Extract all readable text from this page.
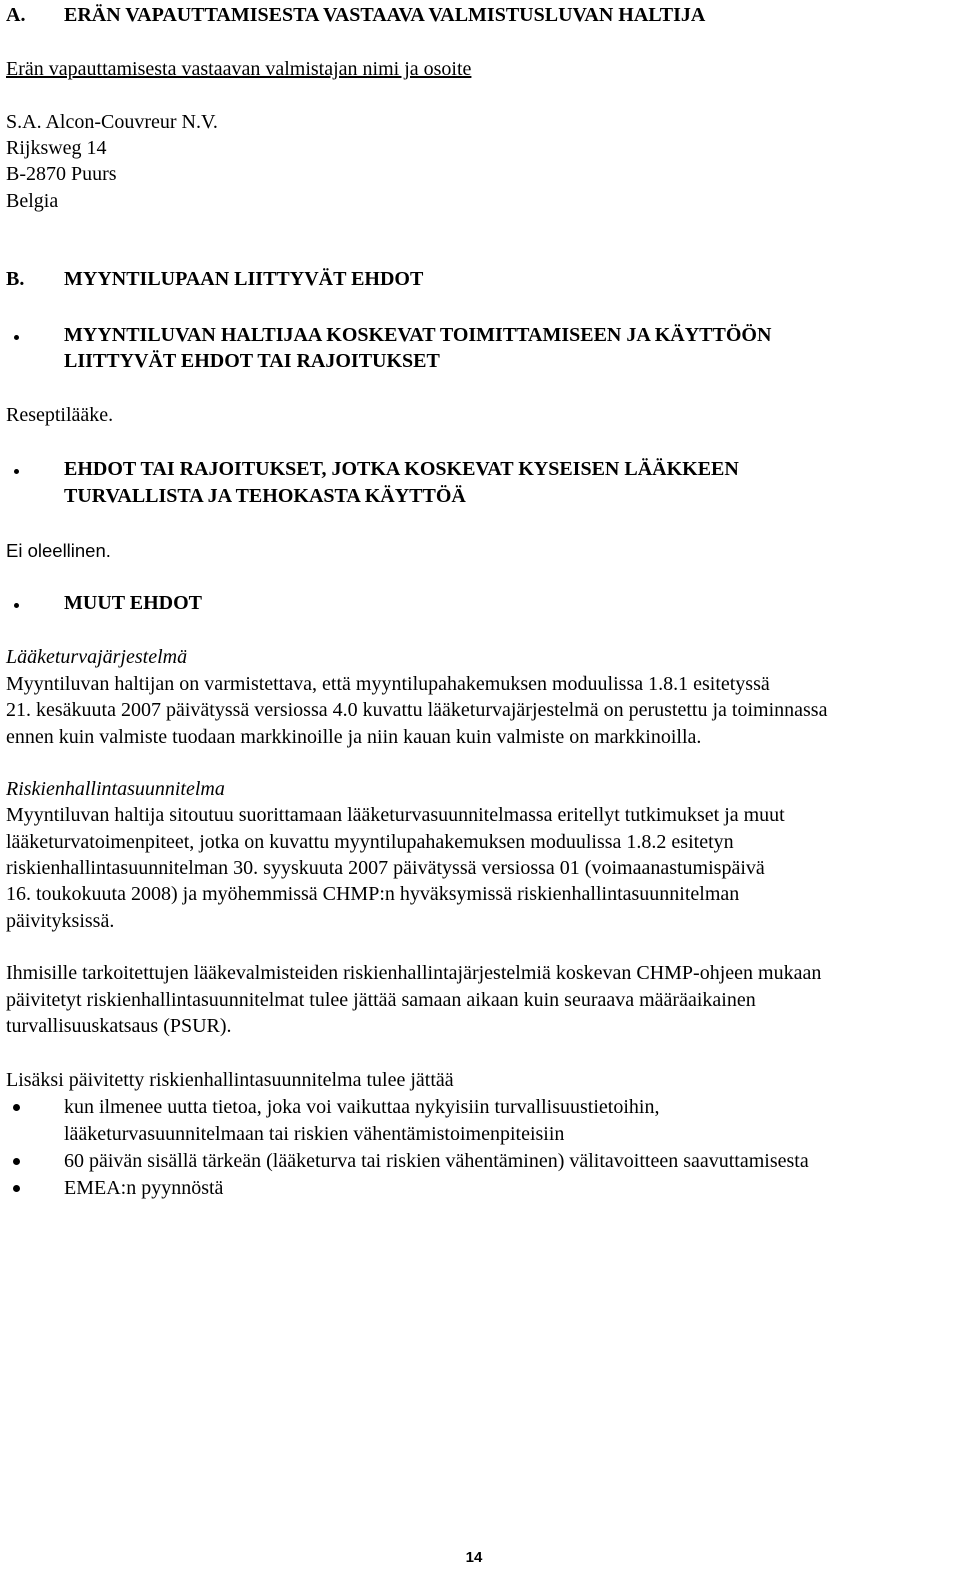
A. ERÄN VAPAUTTAMISESTA VASTAAVA VALMISTUSLUVAN HALTIJA
Erän vapauttamisesta vastaavan valmistajan nimi ja osoite
S.A. Alcon-Couvreur N.V.
Rijksweg 14
B-2870 Puurs
Belgia
B. MYYNTILUPAAN LIITTYVÄT EHDOT
MYYNTILUVAN HALTIJAA KOSKEVAT TOIMITTAMISEEN JA KÄYTTÖÖN
LIITTYVÄT EHDOT TAI RAJOITUKSET
Reseptilääke.
EHDOT TAI RAJOITUKSET, JOTKA KOSKEVAT KYSEISEN LÄÄKKEEN
TURVALLISTA JA TEHOKASTA KÄYTTÖÄ
Ei oleellinen.
MUUT EHDOT
Lääketurvajärjestelmä
Myyntiluvan haltijan on varmistettava, että myyntilupahakemuksen moduulissa 1.8.1 esitetyssä
21. kesäkuuta 2007 päivätyssä versiossa 4.0 kuvattu lääketurvajärjestelmä on perustettu ja toiminnassa
ennen kuin valmiste tuodaan markkinoille ja niin kauan kuin valmiste on markkinoilla.
Riskienhallintasuunnitelma
Myyntiluvan haltija sitoutuu suorittamaan lääketurvasuunnitelmassa eritellyt tutkimukset ja muut
lääketurvatoimenpiteet, jotka on kuvattu myyntilupahakemuksen moduulissa 1.8.2 esitetyn
riskienhallintasuunnitelman 30. syyskuuta 2007 päivätyssä versiossa 01 (voimaanastumispäivä
16. toukokuuta 2008) ja myöhemmissä CHMP:n hyväksymissä riskienhallintasuunnitelman
päivityksissä.
Ihmisille tarkoitettujen lääkevalmisteiden riskienhallintajärjestelmiä koskevan CHMP-ohjeen mukaan
päivitetyt riskienhallintasuunnitelmat tulee jättää samaan aikaan kuin seuraava määräaikainen
turvallisuuskatsaus (PSUR).
Lisäksi päivitetty riskienhallintasuunnitelma tulee jättää
kun ilmenee uutta tietoa, joka voi vaikuttaa nykyisiin turvallisuustietoihin,
lääketurvasuunnitelmaan tai riskien vähentämistoimenpiteisiin
60 päivän sisällä tärkeän (lääketurva tai riskien vähentäminen) välitavoitteen saavuttamisesta
EMEA:n pyynnöstä
14
